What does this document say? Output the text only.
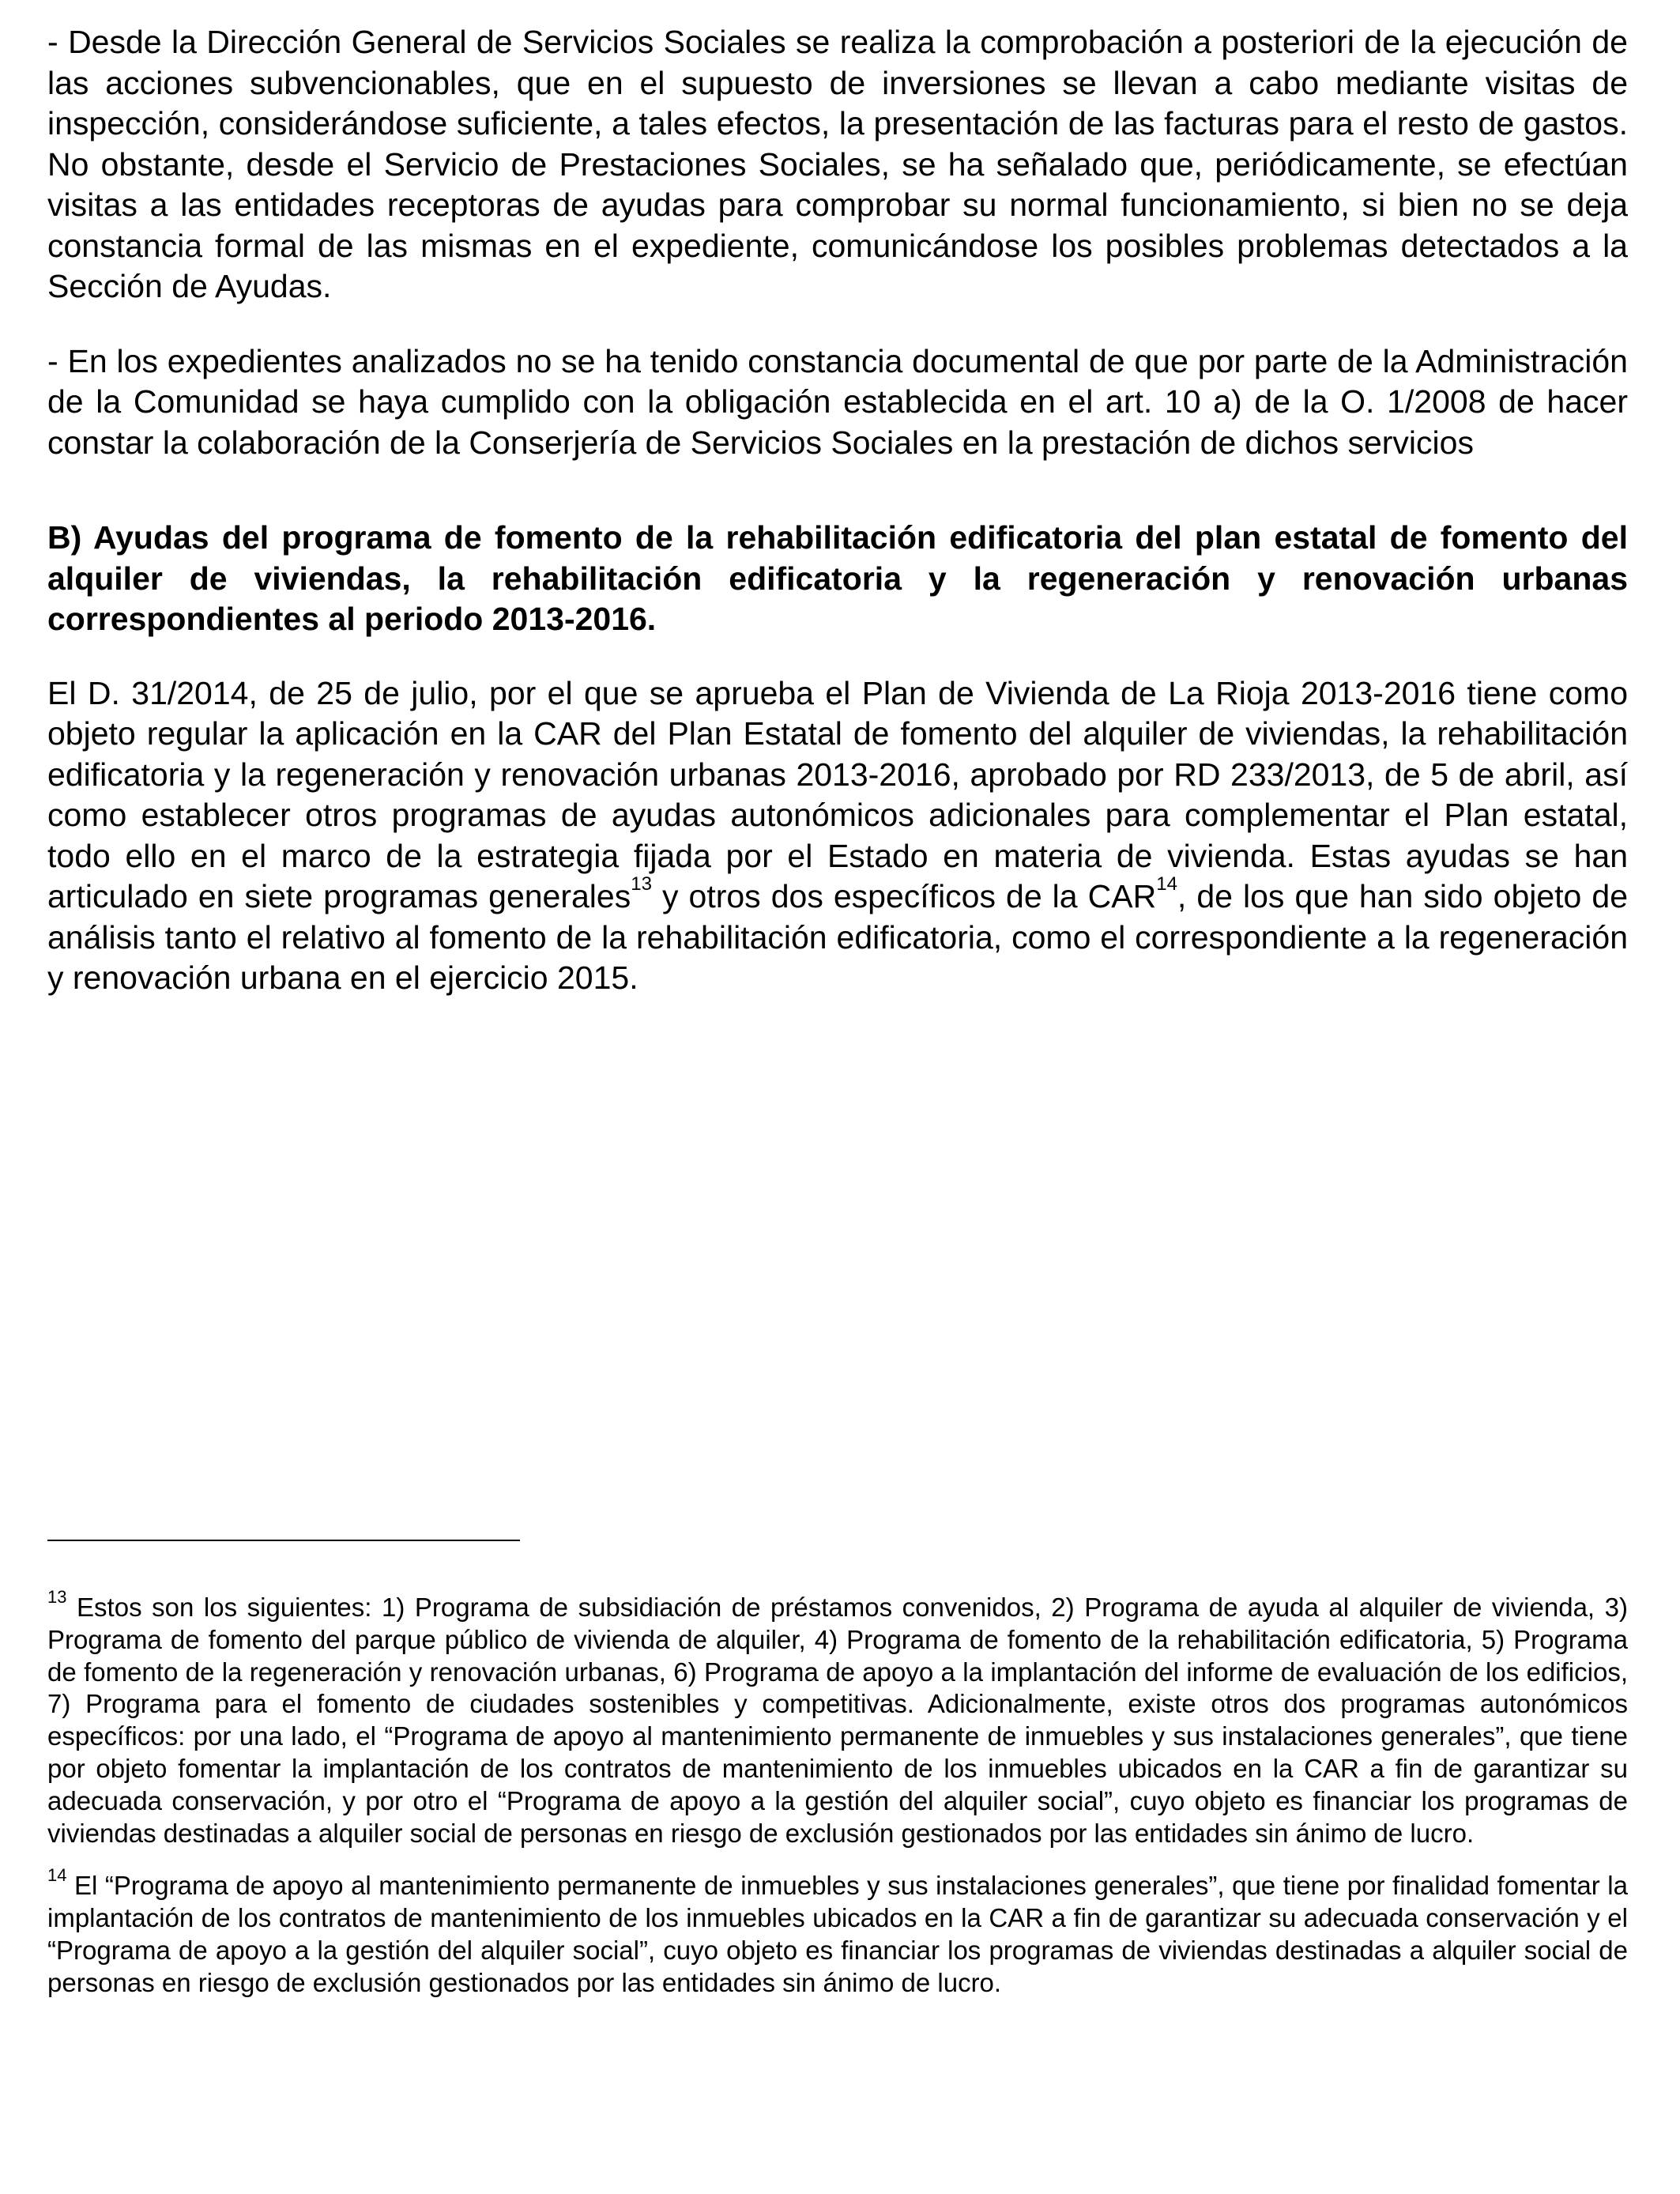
- Desde la Dirección General de Servicios Sociales se realiza la comprobación a posteriori de la ejecución de las acciones subvencionables, que en el supuesto de inversiones se llevan a cabo mediante visitas de inspección, considerándose suficiente, a tales efectos, la presentación de las facturas para el resto de gastos. No obstante, desde el Servicio de Prestaciones Sociales, se ha señalado que, periódicamente, se efectúan visitas a las entidades receptoras de ayudas para comprobar su normal funcionamiento, si bien no se deja constancia formal de las mismas en el expediente, comunicándose los posibles problemas detectados a la Sección de Ayudas.

- En los expedientes analizados no se ha tenido constancia documental de que por parte de la Administración de la Comunidad se haya cumplido con la obligación establecida en el art. 10 a) de la O. 1/2008 de hacer constar la colaboración de la Conserjería de Servicios Sociales en la prestación de dichos servicios

B) Ayudas del programa de fomento de la rehabilitación edificatoria del plan estatal de fomento del alquiler de viviendas, la rehabilitación edificatoria y la regeneración y renovación urbanas correspondientes al periodo 2013-2016.

El D. 31/2014, de 25 de julio, por el que se aprueba el Plan de Vivienda de La Rioja 2013-2016 tiene como objeto regular la aplicación en la CAR del Plan Estatal de fomento del alquiler de viviendas, la rehabilitación edificatoria y la regeneración y renovación urbanas 2013-2016, aprobado por RD 233/2013, de 5 de abril, así como establecer otros programas de ayudas autonómicos adicionales para complementar el Plan estatal, todo ello en el marco de la estrategia fijada por el Estado en materia de vivienda. Estas ayudas se han articulado en siete programas generales$^{13}$ y otros dos específicos de la CAR$^{14}$, de los que han sido objeto de análisis tanto el relativo al fomento de la rehabilitación edificatoria, como el correspondiente a la regeneración y renovación urbana en el ejercicio 2015.

$^{13}$ Estos son los siguientes: 1) Programa de subsidiación de préstamos convenidos, 2) Programa de ayuda al alquiler de vivienda, 3) Programa de fomento del parque público de vivienda de alquiler, 4) Programa de fomento de la rehabilitación edificatoria, 5) Programa de fomento de la regeneración y renovación urbanas, 6) Programa de apoyo a la implantación del informe de evaluación de los edificios, 7) Programa para el fomento de ciudades sostenibles y competitivas. Adicionalmente, existe otros dos programas autonómicos específicos: por una lado, el “Programa de apoyo al mantenimiento permanente de inmuebles y sus instalaciones generales”, que tiene por objeto fomentar la implantación de los contratos de mantenimiento de los inmuebles ubicados en la CAR a fin de garantizar su adecuada conservación, y por otro el “Programa de apoyo a la gestión del alquiler social”, cuyo objeto es financiar los programas de viviendas destinadas a alquiler social de personas en riesgo de exclusión gestionados por las entidades sin ánimo de lucro.

$^{14}$ El “Programa de apoyo al mantenimiento permanente de inmuebles y sus instalaciones generales”, que tiene por finalidad fomentar la implantación de los contratos de mantenimiento de los inmuebles ubicados en la CAR a fin de garantizar su adecuada conservación y el “Programa de apoyo a la gestión del alquiler social”, cuyo objeto es financiar los programas de viviendas destinadas a alquiler social de personas en riesgo de exclusión gestionados por las entidades sin ánimo de lucro.
